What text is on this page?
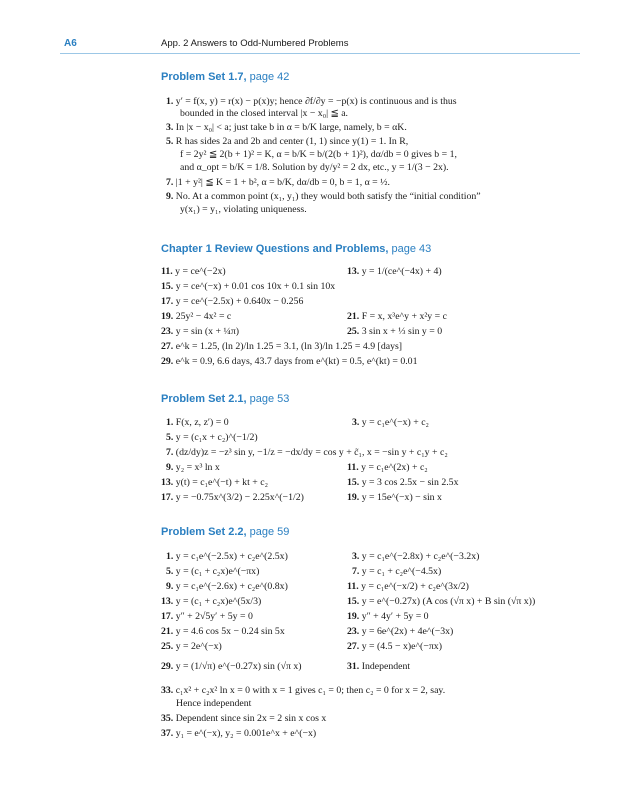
A6	App. 2 Answers to Odd-Numbered Problems
Problem Set 1.7, page 42
1. y′ = f(x, y) = r(x) − p(x)y; hence ∂f/∂y = −p(x) is continuous and is thus
bounded in the closed interval |x − x₀| ≦ a.
3. In |x − x₀| < a; just take b in α = b/K large, namely, b = αK.
5. R has sides 2a and 2b and center (1, 1) since y(1) = 1. In R,
f = 2y² ≦ 2(b + 1)² = K, α = b/K = b/(2(b + 1)²), dα/db = 0 gives b = 1,
and α_opt = b/K = 1/8. Solution by dy/y² = 2 dx, etc., y = 1/(3 − 2x).
7. |1 + y²| ≦ K = 1 + b², α = b/K, dα/db = 0, b = 1, α = ½.
9. No. At a common point (x₁, y₁) they would both satisfy the “initial condition”
y(x₁) = y₁, violating uniqueness.
Chapter 1 Review Questions and Problems, page 43
11. y = ce^(−2x)	13. y = 1/(ce^(−4x) + 4)
15. y = ce^(−x) + 0.01 cos 10x + 0.1 sin 10x
17. y = ce^(−2.5x) + 0.640x − 0.256
19. 25y² − 4x² = c	21. F = x, x³e^y + x²y = c
23. y = sin (x + ¼π)	25. 3 sin x + ⅓ sin y = 0
27. e^k = 1.25, (ln 2)/ln 1.25 = 3.1, (ln 3)/ln 1.25 = 4.9 [days]
29. e^k = 0.9, 6.6 days, 43.7 days from e^(kt) = 0.5, e^(kt) = 0.01
Problem Set 2.1, page 53
1. F(x, z, z′) = 0	3. y = c₁e^(−x) + c₂
5. y = (c₁x + c₂)^(−1/2)
7. (dz/dy)z = −z³ sin y, −1/z = −dx/dy = cos y + c̃₁, x = −sin y + c₁y + c₂
9. y₂ = x³ ln x	11. y = c₁e^(2x) + c₂
13. y(t) = c₁e^(−t) + kt + c₂	15. y = 3 cos 2.5x − sin 2.5x
17. y = −0.75x^(3/2) − 2.25x^(−1/2)	19. y = 15e^(−x) − sin x
Problem Set 2.2, page 59
1. y = c₁e^(−2.5x) + c₂e^(2.5x)	3. y = c₁e^(−2.8x) + c₂e^(−3.2x)
5. y = (c₁ + c₂x)e^(−πx)	7. y = c₁ + c₂e^(−4.5x)
9. y = c₁e^(−2.6x) + c₂e^(0.8x)	11. y = c₁e^(−x/2) + c₂e^(3x/2)
13. y = (c₁ + c₂x)e^(5x/3)	15. y = e^(−0.27x) (A cos (√π x) + B sin (√π x))
17. y″ + 2√5y′ + 5y = 0	19. y″ + 4y′ + 5y = 0
21. y = 4.6 cos 5x − 0.24 sin 5x	23. y = 6e^(2x) + 4e^(−3x)
25. y = 2e^(−x)	27. y = (4.5 − x)e^(−πx)
29. y = (1/√π) e^(−0.27x) sin (√π x)	31. Independent
33. c₁x² + c₂x² ln x = 0 with x = 1 gives c₁ = 0; then c₂ = 0 for x = 2, say.
Hence independent
35. Dependent since sin 2x = 2 sin x cos x
37. y₁ = e^(−x), y₂ = 0.001e^x + e^(−x)
